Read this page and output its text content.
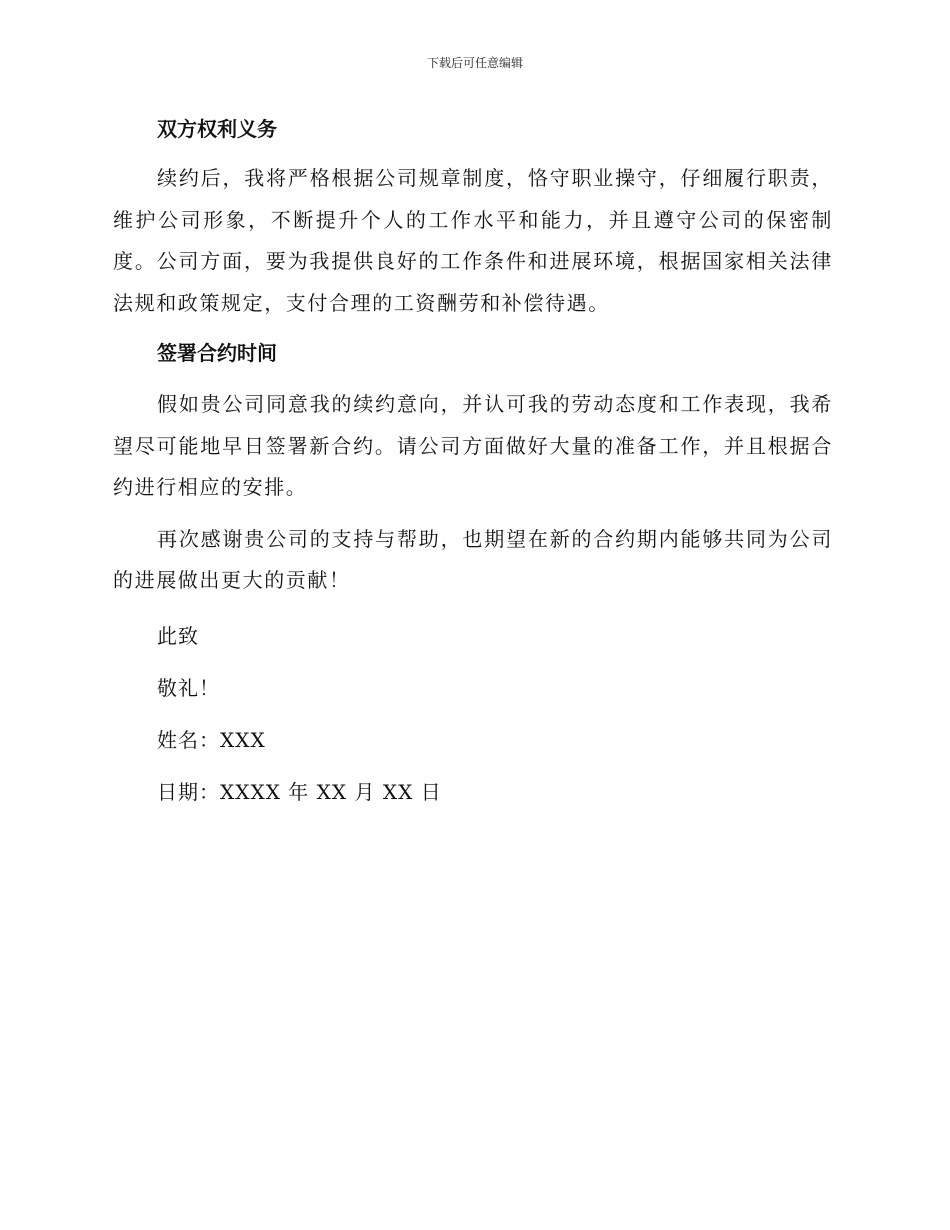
下载后可任意编辑
双方权利义务

续约后，我将严格根据公司规章制度，恪守职业操守，仔细履行职责，维护公司形象，不断提升个人的工作水平和能力，并且遵守公司的保密制度。公司方面，要为我提供良好的工作条件和进展环境，根据国家相关法律法规和政策规定，支付合理的工资酬劳和补偿待遇。

签署合约时间

假如贵公司同意我的续约意向，并认可我的劳动态度和工作表现，我希望尽可能地早日签署新合约。请公司方面做好大量的准备工作，并且根据合约进行相应的安排。

再次感谢贵公司的支持与帮助，也期望在新的合约期内能够共同为公司的进展做出更大的贡献！

此致
敬礼！
姓名：XXX
日期：XXXX 年 XX 月 XX 日
